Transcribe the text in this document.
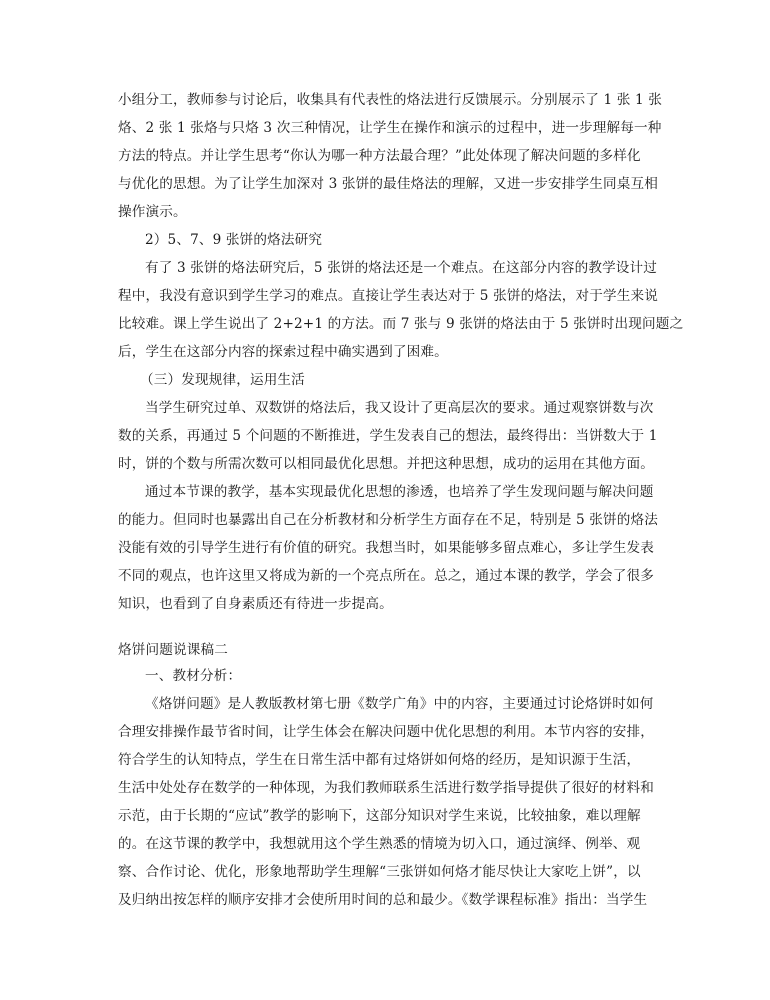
小组分工，教师参与讨论后，收集具有代表性的烙法进行反馈展示。分别展示了 1 张 1 张
烙、2 张 1 张烙与只烙 3 次三种情况，让学生在操作和演示的过程中，进一步理解每一种
方法的特点。并让学生思考“你认为哪一种方法最合理？”此处体现了解决问题的多样化
与优化的思想。为了让学生加深对 3 张饼的最佳烙法的理解，又进一步安排学生同桌互相
操作演示。
2）5、7、9 张饼的烙法研究
有了 3 张饼的烙法研究后，5 张饼的烙法还是一个难点。在这部分内容的教学设计过
程中，我没有意识到学生学习的难点。直接让学生表达对于 5 张饼的烙法，对于学生来说
比较难。课上学生说出了 2+2+1 的方法。而 7 张与 9 张饼的烙法由于 5 张饼时出现问题之
后，学生在这部分内容的探索过程中确实遇到了困难。
（三）发现规律，运用生活
当学生研究过单、双数饼的烙法后，我又设计了更高层次的要求。通过观察饼数与次
数的关系，再通过 5 个问题的不断推进，学生发表自己的想法，最终得出：当饼数大于 1
时，饼的个数与所需次数可以相同最优化思想。并把这种思想，成功的运用在其他方面。
通过本节课的教学，基本实现最优化思想的渗透，也培养了学生发现问题与解决问题
的能力。但同时也暴露出自己在分析教材和分析学生方面存在不足，特别是 5 张饼的烙法
没能有效的引导学生进行有价值的研究。我想当时，如果能够多留点难心，多让学生发表
不同的观点，也许这里又将成为新的一个亮点所在。总之，通过本课的教学，学会了很多
知识，也看到了自身素质还有待进一步提高。
烙饼问题说课稿二
一、教材分析：
《烙饼问题》是人教版教材第七册《数学广角》中的内容，主要通过讨论烙饼时如何
合理安排操作最节省时间，让学生体会在解决问题中优化思想的利用。本节内容的安排，
符合学生的认知特点，学生在日常生活中都有过烙饼如何烙的经历，是知识源于生活，
生活中处处存在数学的一种体现，为我们教师联系生活进行数学指导提供了很好的材料和
示范，由于长期的“应试”教学的影响下，这部分知识对学生来说，比较抽象，难以理解
的。在这节课的教学中，我想就用这个学生熟悉的情境为切入口，通过演绎、例举、观
察、合作讨论、优化，形象地帮助学生理解“三张饼如何烙才能尽快让大家吃上饼”，以
及归纳出按怎样的顺序安排才会使所用时间的总和最少。《数学课程标准》指出：当学生
